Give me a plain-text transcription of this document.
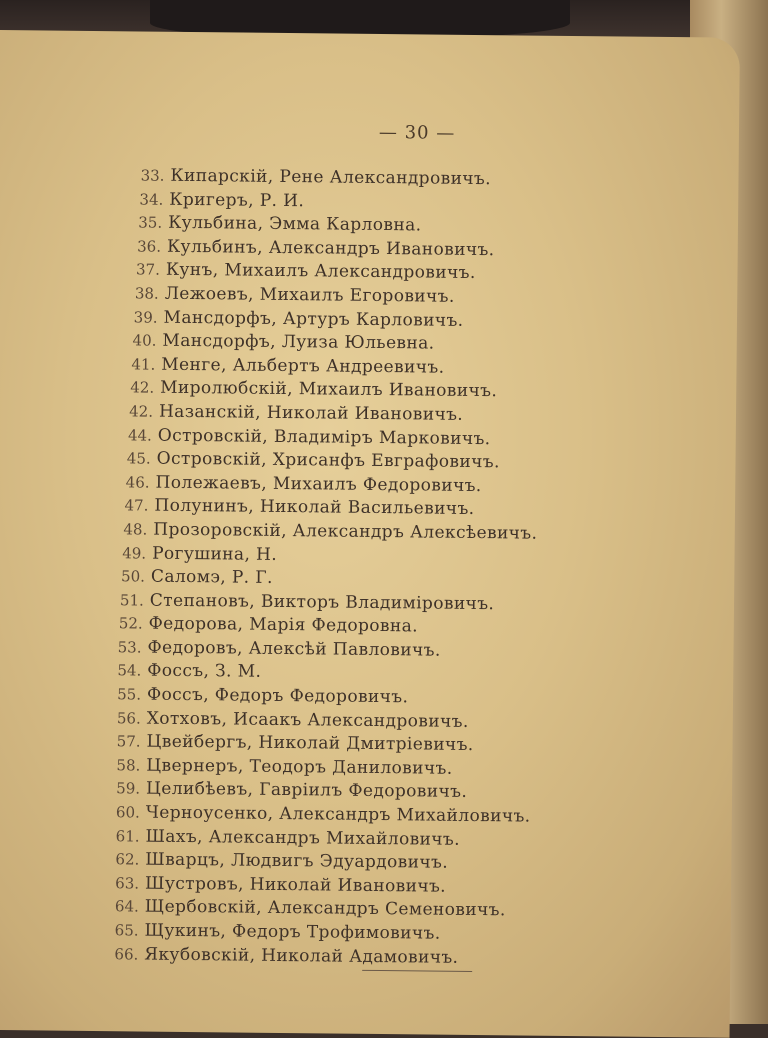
— 30 —
33. Кипарскій, Рене Александровичъ.
34. Кригеръ, Р. И.
35. Кульбина, Эмма Карловна.
36. Кульбинъ, Александръ Ивановичъ.
37. Кунъ, Михаилъ Александровичъ.
38. Лежоевъ, Михаилъ Егоровичъ.
39. Мансдорфъ, Артуръ Карловичъ.
40. Мансдорфъ, Луиза Юльевна.
41. Менге, Альбертъ Андреевичъ.
42. Миролюбскій, Михаилъ Ивановичъ.
42. Назанскій, Николай Ивановичъ.
44. Островскій, Владиміръ Марковичъ.
45. Островскій, Хрисанфъ Евграфовичъ.
46. Полежаевъ, Михаилъ Федоровичъ.
47. Полунинъ, Николай Васильевичъ.
48. Прозоровскій, Александръ Алексѣевичъ.
49. Рогушина, Н.
50. Саломэ, Р. Г.
51. Степановъ, Викторъ Владиміровичъ.
52. Федорова, Марія Федоровна.
53. Федоровъ, Алексѣй Павловичъ.
54. Фоссъ, З. М.
55. Фоссъ, Федоръ Федоровичъ.
56. Хотховъ, Исаакъ Александровичъ.
57. Цвейбергъ, Николай Дмитріевичъ.
58. Цвернеръ, Теодоръ Даниловичъ.
59. Целибѣевъ, Гавріилъ Федоровичъ.
60. Черноусенко, Александръ Михайловичъ.
61. Шахъ, Александръ Михайловичъ.
62. Шварцъ, Людвигъ Эдуардовичъ.
63. Шустровъ, Николай Ивановичъ.
64. Щербовскій, Александръ Семеновичъ.
65. Щукинъ, Федоръ Трофимовичъ.
66. Якубовскій, Николай Адамовичъ.
